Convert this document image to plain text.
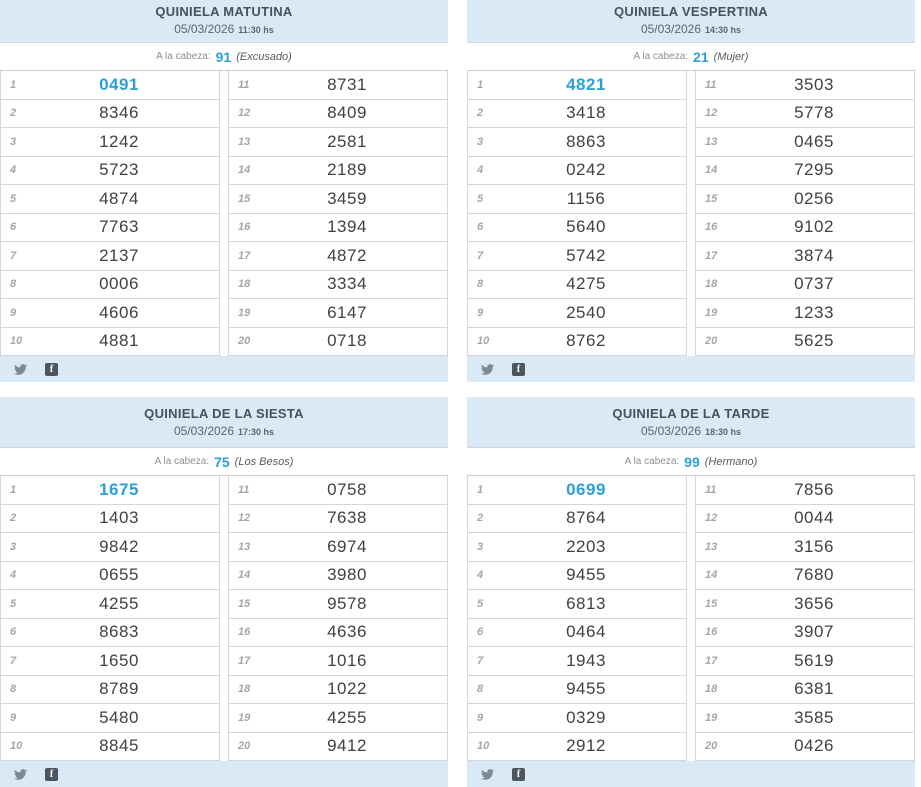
QUINIELA MATUTINA
05/03/2026 11:30 hs
A la cabeza: 91 (Excusado)
1	0491	11	8731
2	8346	12	8409
3	1242	13	2581
4	5723	14	2189
5	4874	15	3459
6	7763	16	1394
7	2137	17	4872
8	0006	18	3334
9	4606	19	6147
10	4881	20	0718
f
QUINIELA VESPERTINA
05/03/2026 14:30 hs
A la cabeza: 21 (Mujer)
1	4821	11	3503
2	3418	12	5778
3	8863	13	0465
4	0242	14	7295
5	1156	15	0256
6	5640	16	9102
7	5742	17	3874
8	4275	18	0737
9	2540	19	1233
10	8762	20	5625
f
QUINIELA DE LA SIESTA
05/03/2026 17:30 hs
A la cabeza: 75 (Los Besos)
1	1675	11	0758
2	1403	12	7638
3	9842	13	6974
4	0655	14	3980
5	4255	15	9578
6	8683	16	4636
7	1650	17	1016
8	8789	18	1022
9	5480	19	4255
10	8845	20	9412
f
QUINIELA DE LA TARDE
05/03/2026 18:30 hs
A la cabeza: 99 (Hermano)
1	0699	11	7856
2	8764	12	0044
3	2203	13	3156
4	9455	14	7680
5	6813	15	3656
6	0464	16	3907
7	1943	17	5619
8	9455	18	6381
9	0329	19	3585
10	2912	20	0426
f
